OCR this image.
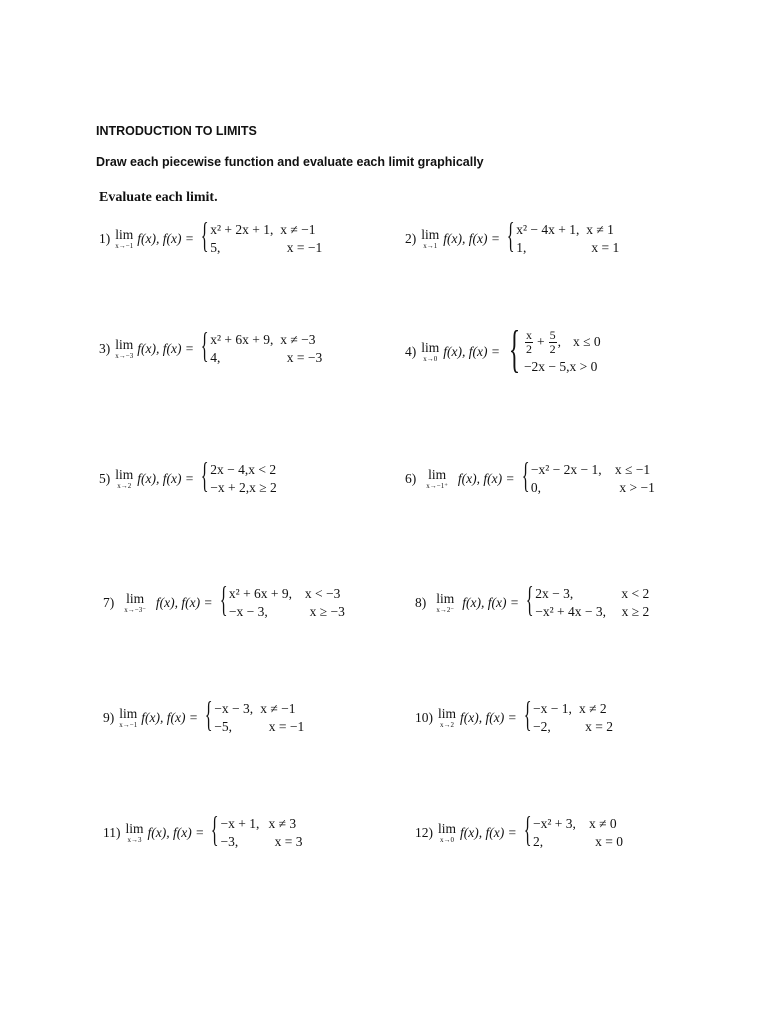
INTRODUCTION TO LIMITS
Draw each piecewise function and evaluate each limit graphically
Evaluate each limit.
1) lim
x→−1
f(x), f(x) = { x² + 2x + 1, x ≠ −1
5,	x = −1
2) lim
x→1
f(x), f(x) = { x² − 4x + 1, x ≠ 1
1,	x = 1
3) lim
x→−3
f(x), f(x) = { x² + 6x + 9, x ≠ −3
4,	x = −3	4) lim
x→0
f(x), f(x) = { $\frac{x}{2} + \frac{5}{2}$ , x ≤ 0
−2x − 5, x > 0
5) lim
x→2
f(x), f(x) = { 2x − 4, x < 2
−x + 2, x ≥ 2
6) lim
x→−1⁺
f(x), f(x) = { −x² − 2x − 1, x ≤ −1
0,	x > −1
7) lim
x→−3⁻
f(x), f(x) = { x² + 6x + 9, x < −3
−x − 3,	x ≥ −3
8) lim
x→2⁻
f(x), f(x) = { 2x − 3,	x < 2
−x² + 4x − 3,	x ≥ 2
9) lim
x→−1
f(x), f(x) = { −x − 3, x ≠ −1
−5,	x = −1
10) lim
x→2
f(x), f(x) = { −x − 1, x ≠ 2
−2,	x = 2
11) lim
x→3
f(x), f(x) = { −x + 1, x ≠ 3
−3,	x = 3
12) lim
x→0
f(x), f(x) = { −x² + 3, x ≠ 0
2,	x = 0
